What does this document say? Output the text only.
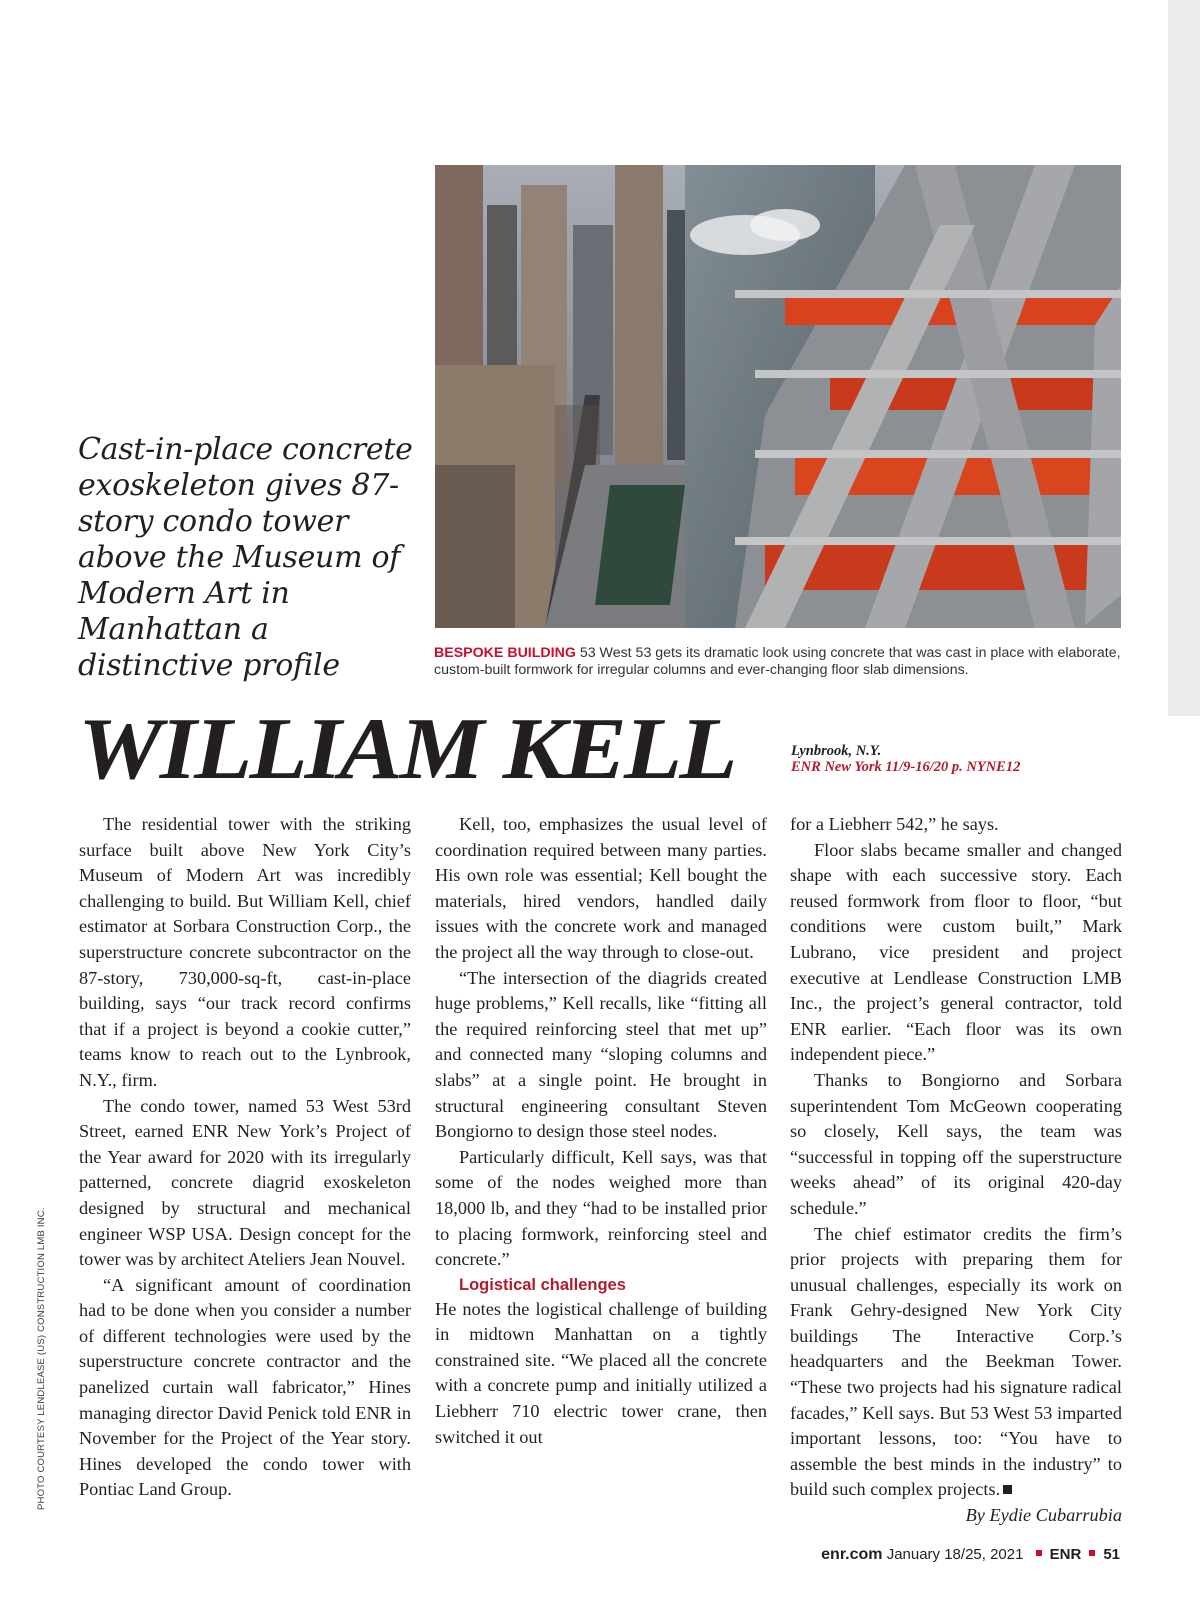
Cast-in-place concrete exoskeleton gives 87-story condo tower above the Museum of Modern Art in Manhattan a distinctive profile	BESPOKE BUILDING 53 West 53 gets its dramatic look using concrete that was cast in place with elaborate, custom-built formwork for irregular columns and ever-changing floor slab dimensions.

WILLIAM KELL	Lynbrook, N.Y.
ENR New York 11/9-16/20 p. NYNE12

The residential tower with the striking surface built above New York City’s Museum of Modern Art was incredibly challenging to build. But William Kell, chief estimator at Sorbara Construction Corp., the superstructure concrete subcontractor on the 87-story, 730,000-sq-ft, cast-in-place building, says “our track record confirms that if a project is beyond a cookie cutter,” teams know to reach out to the Lynbrook, N.Y., firm.

The condo tower, named 53 West 53rd Street, earned ENR New York’s Project of the Year award for 2020 with its irregularly patterned, concrete diagrid exoskeleton designed by structural and mechanical engineer WSP USA. Design concept for the tower was by architect Ateliers Jean Nouvel.

“A significant amount of coordination had to be done when you consider a number of different technologies were used by the superstructure concrete contractor and the panelized curtain wall fabricator,” Hines managing director David Penick told ENR in November for the Project of the Year story. Hines developed the condo tower with Pontiac Land Group.

Kell, too, emphasizes the usual level of coordination required between many parties. His own role was essential; Kell bought the materials, hired vendors, handled daily issues with the concrete work and managed the project all the way through to close-out.

“The intersection of the diagrids created huge problems,” Kell recalls, like “fitting all the required reinforcing steel that met up” and connected many “sloping columns and slabs” at a single point. He brought in structural engineering consultant Steven Bongiorno to design those steel nodes.

Particularly difficult, Kell says, was that some of the nodes weighed more than 18,000 lb, and they “had to be installed prior to placing formwork, reinforcing steel and concrete.”

Logistical challenges

He notes the logistical challenge of building in midtown Manhattan on a tightly constrained site. “We placed all the concrete with a concrete pump and initially utilized a Liebherr 710 electric tower crane, then switched it out

for a Liebherr 542,” he says.

Floor slabs became smaller and changed shape with each successive story. Each reused formwork from floor to floor, “but conditions were custom built,” Mark Lubrano, vice president and project executive at Lendlease Construction LMB Inc., the project’s general contractor, told ENR earlier. “Each floor was its own independent piece.”

Thanks to Bongiorno and Sorbara superintendent Tom McGeown cooperating so closely, Kell says, the team was “successful in topping off the superstructure weeks ahead” of its original 420-day schedule.”

The chief estimator credits the firm’s prior projects with preparing them for unusual challenges, especially its work on Frank Gehry-designed New York City buildings The Interactive Corp.’s headquarters and the Beekman Tower. “These two projects had his signature radical facades,” Kell says. But 53 West 53 imparted important lessons, too: “You have to assemble the best minds in the industry” to build such complex projects.

By Eydie Cubarrubia

PHOTO COURTESY LENDLEASE (US) CONSTRUCTION LMB INC.
enr.com January 18/25, 2021 ENR 51
